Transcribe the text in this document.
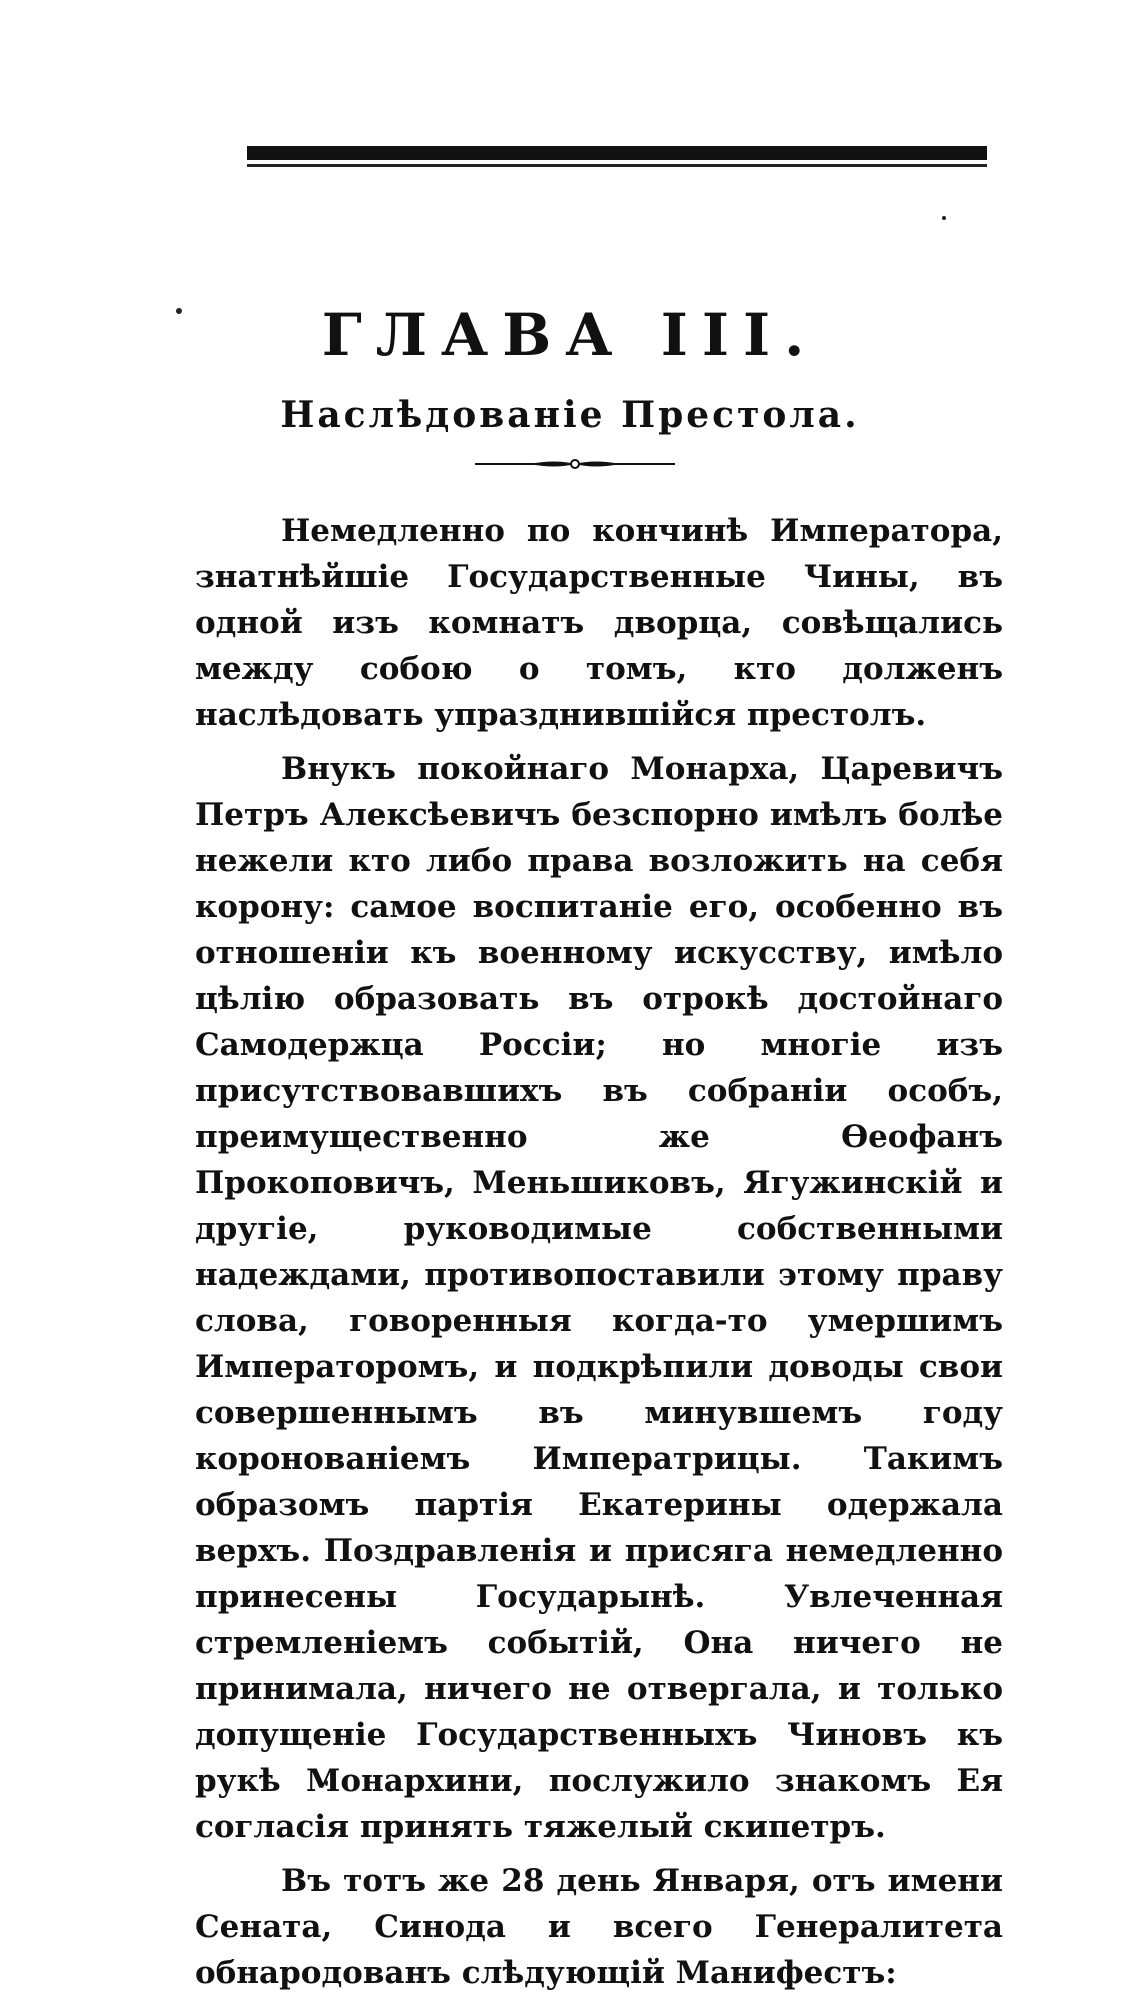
ГЛАВА III.
Наслѣдованіе Престола.

Немедленно по кончинѣ Императора, знатнѣйшіе Государственные Чины, въ одной изъ комнатъ дворца, совѣщались между собою о томъ, кто долженъ наслѣдовать упразднившійся престолъ.

Внукъ покойнаго Монарха, Царевичъ Петръ Алексѣевичъ безспорно имѣлъ болѣе нежели кто либо права возложить на себя корону: самое воспитаніе его, особенно въ отношеніи къ военному искусству, имѣло цѣлію образовать въ отрокѣ достойнаго Самодержца Россіи; но многіе изъ присутствовавшихъ въ собраніи особъ, преимущественно же Ѳеофанъ Прокоповичъ, Меньшиковъ, Ягужинскій и другіе, руководимые собственными надеждами, противопоставили этому праву слова, говоренныя когда-то умершимъ Императоромъ, и подкрѣпили доводы свои совершеннымъ въ минувшемъ году коронованіемъ Императрицы. Такимъ образомъ партія Екатерины одержала верхъ. Поздравленія и присяга немедленно принесены Государынѣ. Увлеченная стремленіемъ событій, Она ничего не принимала, ничего не отвергала, и только допущеніе Государственныхъ Чиновъ къ рукѣ Монархини, послужило знакомъ Ея согласія принять тяжелый скипетръ.

Въ тотъ же 28 день Января, отъ имени Сената, Синода и всего Генералитета обнародованъ слѣдующій Манифестъ:
